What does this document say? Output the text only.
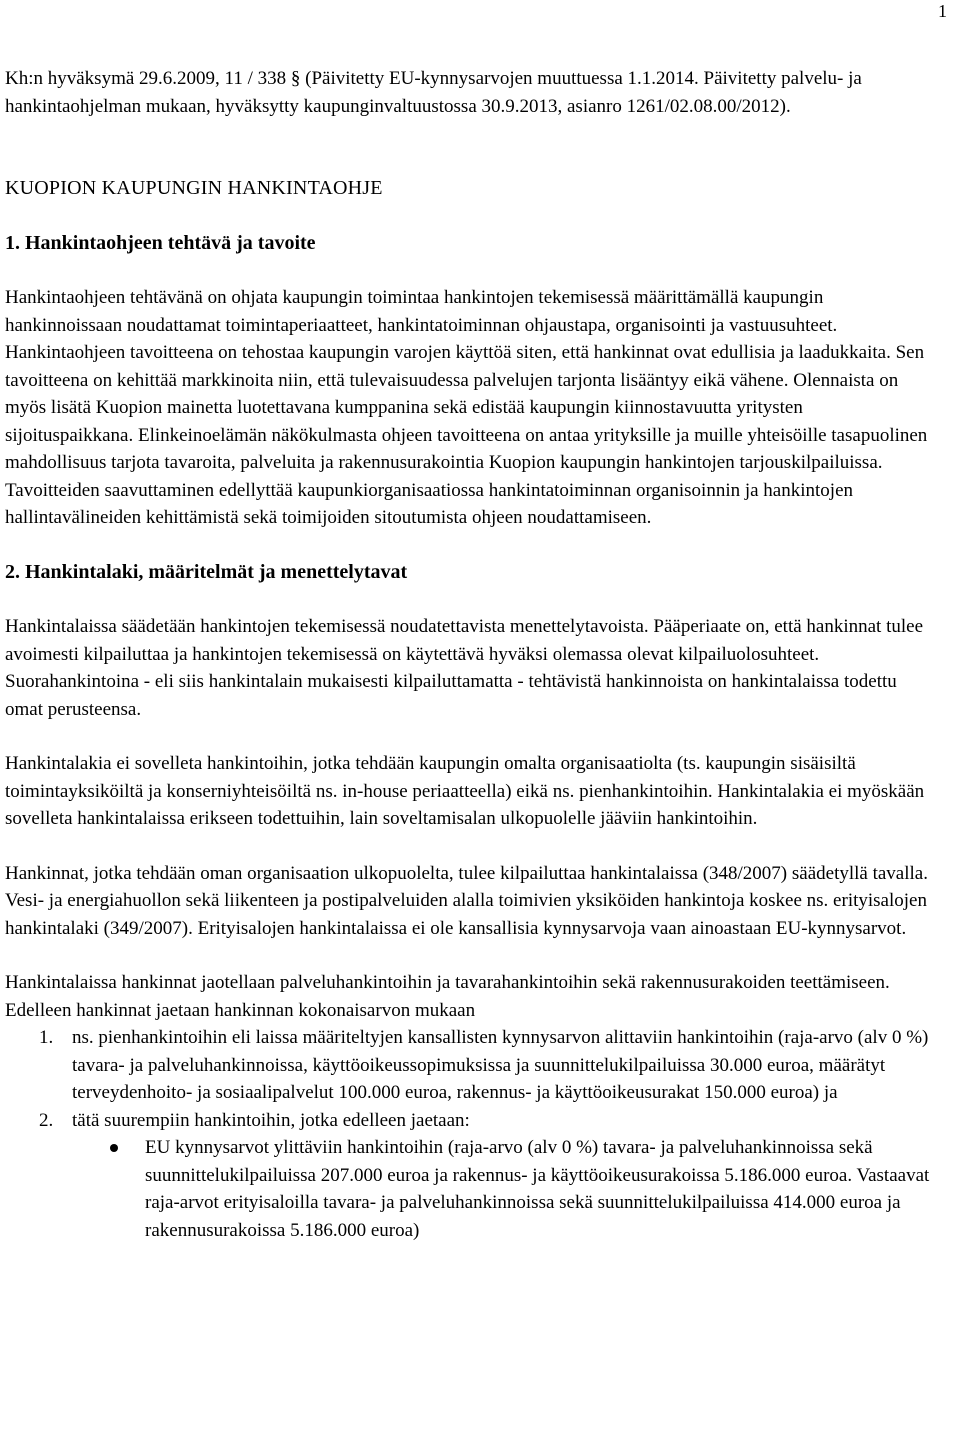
1

Kh:n hyväksymä 29.6.2009, 11 / 338 § (Päivitetty EU-kynnysarvojen muuttuessa 1.1.2014. Päivitetty palvelu- ja hankintaohjelman mukaan, hyväksytty kaupunginvaltuustossa 30.9.2013, asianro 1261/02.08.00/2012).

KUOPION KAUPUNGIN HANKINTAOHJE

1. Hankintaohjeen tehtävä ja tavoite

Hankintaohjeen tehtävänä on ohjata kaupungin toimintaa hankintojen tekemisessä määrittämällä kaupungin hankinnoissaan noudattamat toimintaperiaatteet, hankintatoiminnan ohjaustapa, organisointi ja vastuusuhteet. Hankintaohjeen tavoitteena on tehostaa kaupungin varojen käyttöä siten, että hankinnat ovat edullisia ja laadukkaita. Sen tavoitteena on kehittää markkinoita niin, että tulevaisuudessa palvelujen tarjonta lisääntyy eikä vähene. Olennaista on myös lisätä Kuopion mainetta luotettavana kumppanina sekä edistää kaupungin kiinnostavuutta yritysten sijoituspaikkana. Elinkeinoelämän näkökulmasta ohjeen tavoitteena on antaa yrityksille ja muille yhteisöille tasapuolinen mahdollisuus tarjota tavaroita, palveluita ja rakennusurakointia Kuopion kaupungin hankintojen tarjouskilpailuissa. Tavoitteiden saavuttaminen edellyttää kaupunkiorganisaatiossa hankintatoiminnan organisoinnin ja hankintojen hallintavälineiden kehittämistä sekä toimijoiden sitoutumista ohjeen noudattamiseen.

2. Hankintalaki, määritelmät ja menettelytavat

Hankintalaissa säädetään hankintojen tekemisessä noudatettavista menettelytavoista. Pääperiaate on, että hankinnat tulee avoimesti kilpailuttaa ja hankintojen tekemisessä on käytettävä hyväksi olemassa olevat kilpailuolosuhteet. Suorahankintoina - eli siis hankintalain mukaisesti kilpailuttamatta - tehtävistä hankinnoista on hankintalaissa todettu omat perusteensa.

Hankintalakia ei sovelleta hankintoihin, jotka tehdään kaupungin omalta organisaatiolta (ts. kaupungin sisäisiltä toimintayksiköiltä ja konserniyhteisöiltä ns. in-house periaatteella) eikä ns. pienhankintoihin. Hankintalakia ei myöskään sovelleta hankintalaissa erikseen todettuihin, lain soveltamisalan ulkopuolelle jääviin hankintoihin.

Hankinnat, jotka tehdään oman organisaation ulkopuolelta, tulee kilpailuttaa hankintalaissa (348/2007) säädetyllä tavalla. Vesi- ja energiahuollon sekä liikenteen ja postipalveluiden alalla toimivien yksiköiden hankintoja koskee ns. erityisalojen hankintalaki (349/2007). Erityisalojen hankintalaissa ei ole kansallisia kynnysarvoja vaan ainoastaan EU-kynnysarvot.

Hankintalaissa hankinnat jaotellaan palveluhankintoihin ja tavarahankintoihin sekä rakennusurakoiden teettämiseen. Edelleen hankinnat jaetaan hankinnan kokonaisarvon mukaan

1. ns. pienhankintoihin eli laissa määriteltyjen kansallisten kynnysarvon alittaviin hankintoihin (raja-arvo (alv 0 %) tavara- ja palveluhankinnoissa, käyttöoikeussopimuksissa ja suunnittelukilpailuissa 30.000 euroa, määrätyt terveydenhoito- ja sosiaalipalvelut 100.000 euroa, rakennus- ja käyttöoikeusurakat 150.000 euroa) ja
2. tätä suurempiin hankintoihin, jotka edelleen jaetaan:
EU kynnysarvot ylittäviin hankintoihin (raja-arvo (alv 0 %) tavara- ja palveluhankinnoissa sekä suunnittelukilpailuissa 207.000 euroa ja rakennus- ja käyttöoikeusurakoissa 5.186.000 euroa. Vastaavat raja-arvot erityisaloilla tavara- ja palveluhankinnoissa sekä suunnittelukilpailuissa 414.000 euroa ja rakennusurakoissa 5.186.000 euroa)
